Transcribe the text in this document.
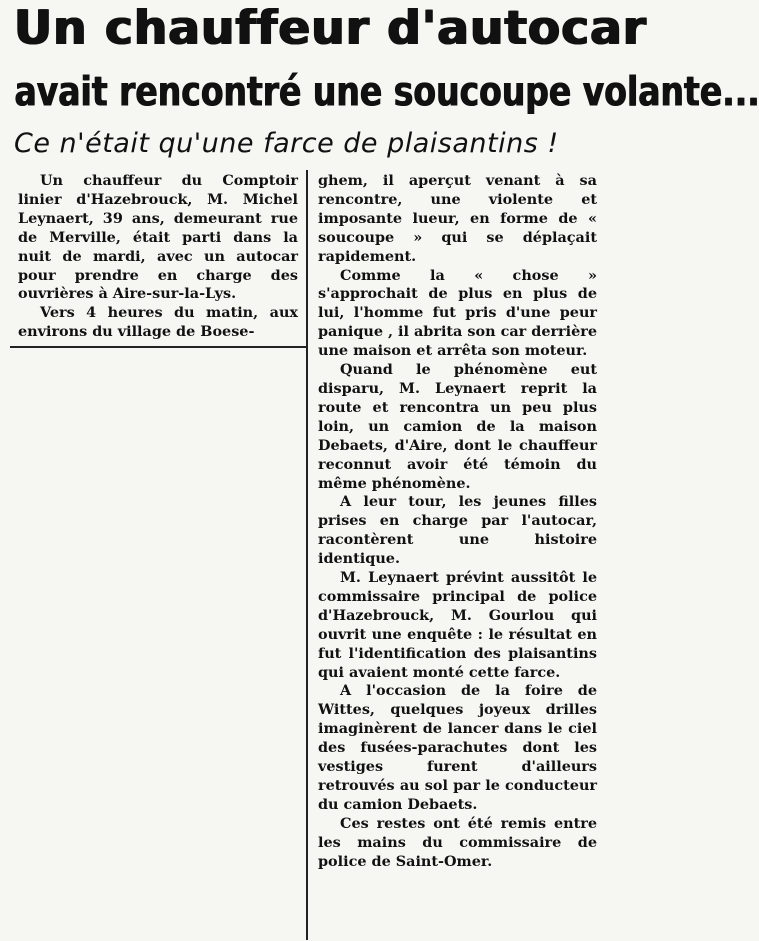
Un chauffeur d'autocar
avait rencontré une soucoupe volante...
Ce n'était qu'une farce de plaisantins !

Un chauffeur du Comptoir linier d'Hazebrouck, M. Michel Leynaert, 39 ans, demeurant rue de Merville, était parti dans la nuit de mardi, avec un autocar pour prendre en charge des ouvrières à Aire-sur-la-Lys.

Vers 4 heures du matin, aux environs du village de Boese-

ghem, il aperçut venant à sa rencontre, une violente et imposante lueur, en forme de « soucoupe » qui se déplaçait rapidement.

Comme la « chose » s'approchait de plus en plus de lui, l'homme fut pris d'une peur panique , il abrita son car derrière une maison et arrêta son moteur.

Quand le phénomène eut disparu, M. Leynaert reprit la route et rencontra un peu plus loin, un camion de la maison Debaets, d'Aire, dont le chauffeur reconnut avoir été témoin du même phénomène.

A leur tour, les jeunes filles prises en charge par l'autocar, racontèrent une histoire identique.

M. Leynaert prévint aussitôt le commissaire principal de police d'Hazebrouck, M. Gourlou qui ouvrit une enquête : le résultat en fut l'identification des plaisantins qui avaient monté cette farce.

A l'occasion de la foire de Wittes, quelques joyeux drilles imaginèrent de lancer dans le ciel des fusées-parachutes dont les vestiges furent d'ailleurs retrouvés au sol par le conducteur du camion Debaets.

Ces restes ont été remis entre les mains du commissaire de police de Saint-Omer.
